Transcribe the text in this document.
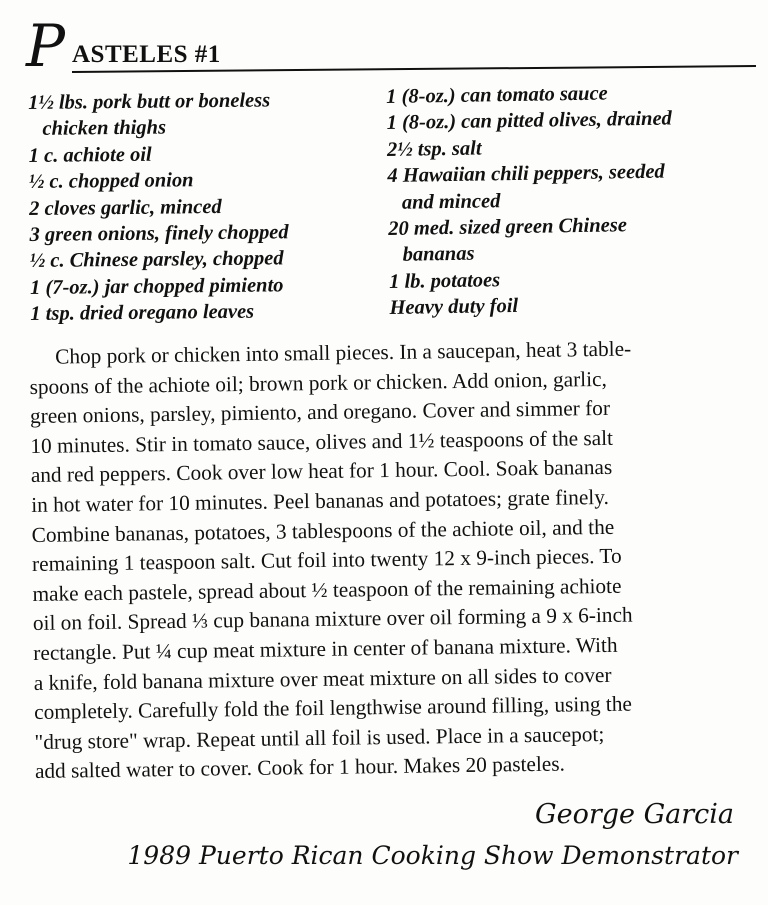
P ASTELES #1
1½ lbs. pork butt or boneless
chicken thighs
1 c. achiote oil
½ c. chopped onion
2 cloves garlic, minced
3 green onions, finely chopped
½ c. Chinese parsley, chopped
1 (7-oz.) jar chopped pimiento
1 tsp. dried oregano leaves
1 (8-oz.) can tomato sauce
1 (8-oz.) can pitted olives, drained
2½ tsp. salt
4 Hawaiian chili peppers, seeded
and minced
20 med. sized green Chinese
bananas
1 lb. potatoes
Heavy duty foil
Chop pork or chicken into small pieces. In a saucepan, heat 3 table-
spoons of the achiote oil; brown pork or chicken. Add onion, garlic,
green onions, parsley, pimiento, and oregano. Cover and simmer for
10 minutes. Stir in tomato sauce, olives and 1½ teaspoons of the salt
and red peppers. Cook over low heat for 1 hour. Cool. Soak bananas
in hot water for 10 minutes. Peel bananas and potatoes; grate finely.
Combine bananas, potatoes, 3 tablespoons of the achiote oil, and the
remaining 1 teaspoon salt. Cut foil into twenty 12 x 9-inch pieces. To
make each pastele, spread about ½ teaspoon of the remaining achiote
oil on foil. Spread ⅓ cup banana mixture over oil forming a 9 x 6-inch
rectangle. Put ¼ cup meat mixture in center of banana mixture. With
a knife, fold banana mixture over meat mixture on all sides to cover
completely. Carefully fold the foil lengthwise around filling, using the
"drug store" wrap. Repeat until all foil is used. Place in a saucepot;
add salted water to cover. Cook for 1 hour. Makes 20 pasteles.
George Garcia
1989 Puerto Rican Cooking Show Demonstrator
